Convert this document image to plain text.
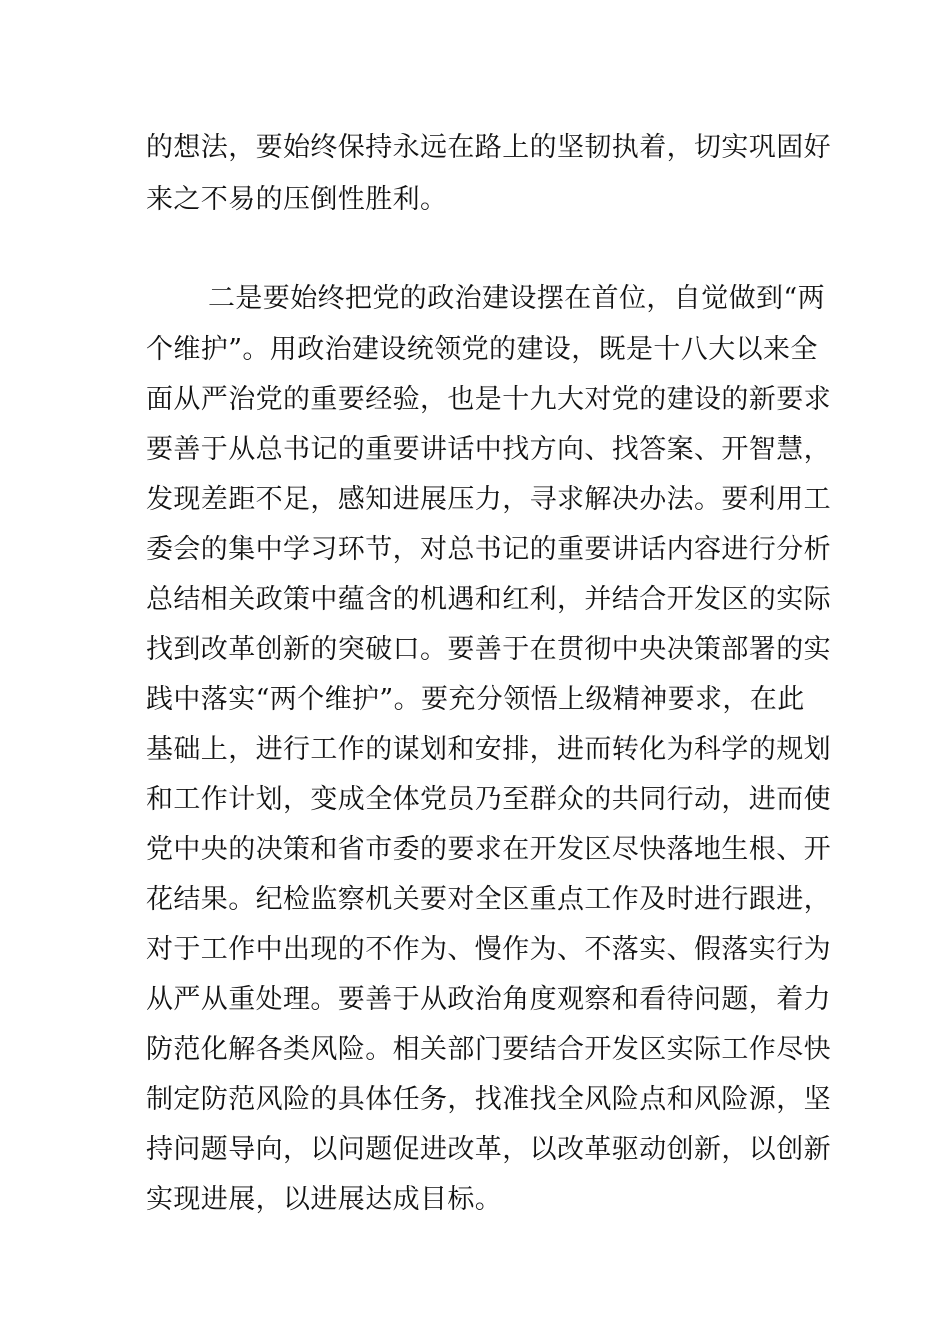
的想法，要始终保持永远在路上的坚韧执着，切实巩固好
来之不易的压倒性胜利。
二是要始终把党的政治建设摆在首位，自觉做到“两
个维护”。用政治建设统领党的建设，既是十八大以来全
面从严治党的重要经验，也是十九大对党的建设的新要求
要善于从总书记的重要讲话中找方向、找答案、开智慧，
发现差距不足，感知进展压力，寻求解决办法。要利用工
委会的集中学习环节，对总书记的重要讲话内容进行分析
总结相关政策中蕴含的机遇和红利，并结合开发区的实际
找到改革创新的突破口。要善于在贯彻中央决策部署的实
践中落实“两个维护”。要充分领悟上级精神要求，在此
基础上，进行工作的谋划和安排，进而转化为科学的规划
和工作计划，变成全体党员乃至群众的共同行动，进而使
党中央的决策和省市委的要求在开发区尽快落地生根、开
花结果。纪检监察机关要对全区重点工作及时进行跟进，
对于工作中出现的不作为、慢作为、不落实、假落实行为
从严从重处理。要善于从政治角度观察和看待问题，着力
防范化解各类风险。相关部门要结合开发区实际工作尽快
制定防范风险的具体任务，找准找全风险点和风险源，坚
持问题导向，以问题促进改革，以改革驱动创新，以创新
实现进展，以进展达成目标。
